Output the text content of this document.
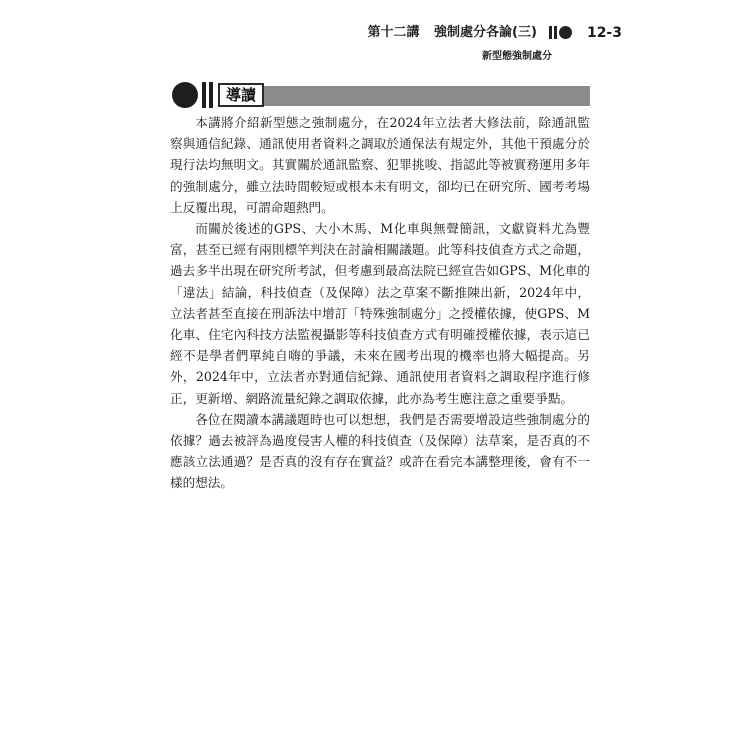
第十二講 強制處分各論(三)	12-3
新型態強制處分
導讀

本講將介紹新型態之強制處分，在2024年立法者大修法前，除通訊監察與通信紀錄、通訊使用者資料之調取於通保法有規定外，其他干預處分於現行法均無明文。其實關於通訊監察、犯罪挑唆、指認此等被實務運用多年的強制處分，雖立法時間較短或根本未有明文，卻均已在研究所、國考考場上反覆出現，可謂命題熱門。

而關於後述的GPS、大小木馬、M化車與無聲簡訊，文獻資料尤為豐富，甚至已經有兩則標竿判決在討論相關議題。此等科技偵查方式之命題，過去多半出現在研究所考試，但考慮到最高法院已經宣告如GPS、M化車的「違法」結論，科技偵查（及保障）法之草案不斷推陳出新，2024年中，立法者甚至直接在刑訴法中增訂「特殊強制處分」之授權依據，使GPS、M化車、住宅內科技方法監視攝影等科技偵查方式有明確授權依據，表示這已經不是學者們單純自嗨的爭議，未來在國考出現的機率也將大幅提高。另外，2024年中，立法者亦對通信紀錄、通訊使用者資料之調取程序進行修正，更新增、網路流量紀錄之調取依據，此亦為考生應注意之重要爭點。

各位在閱讀本講議題時也可以想想，我們是否需要增設這些強制處分的依據？過去被評為過度侵害人權的科技偵查（及保障）法草案，是否真的不應該立法通過？是否真的沒有存在實益？或許在看完本講整理後，會有不一樣的想法。
